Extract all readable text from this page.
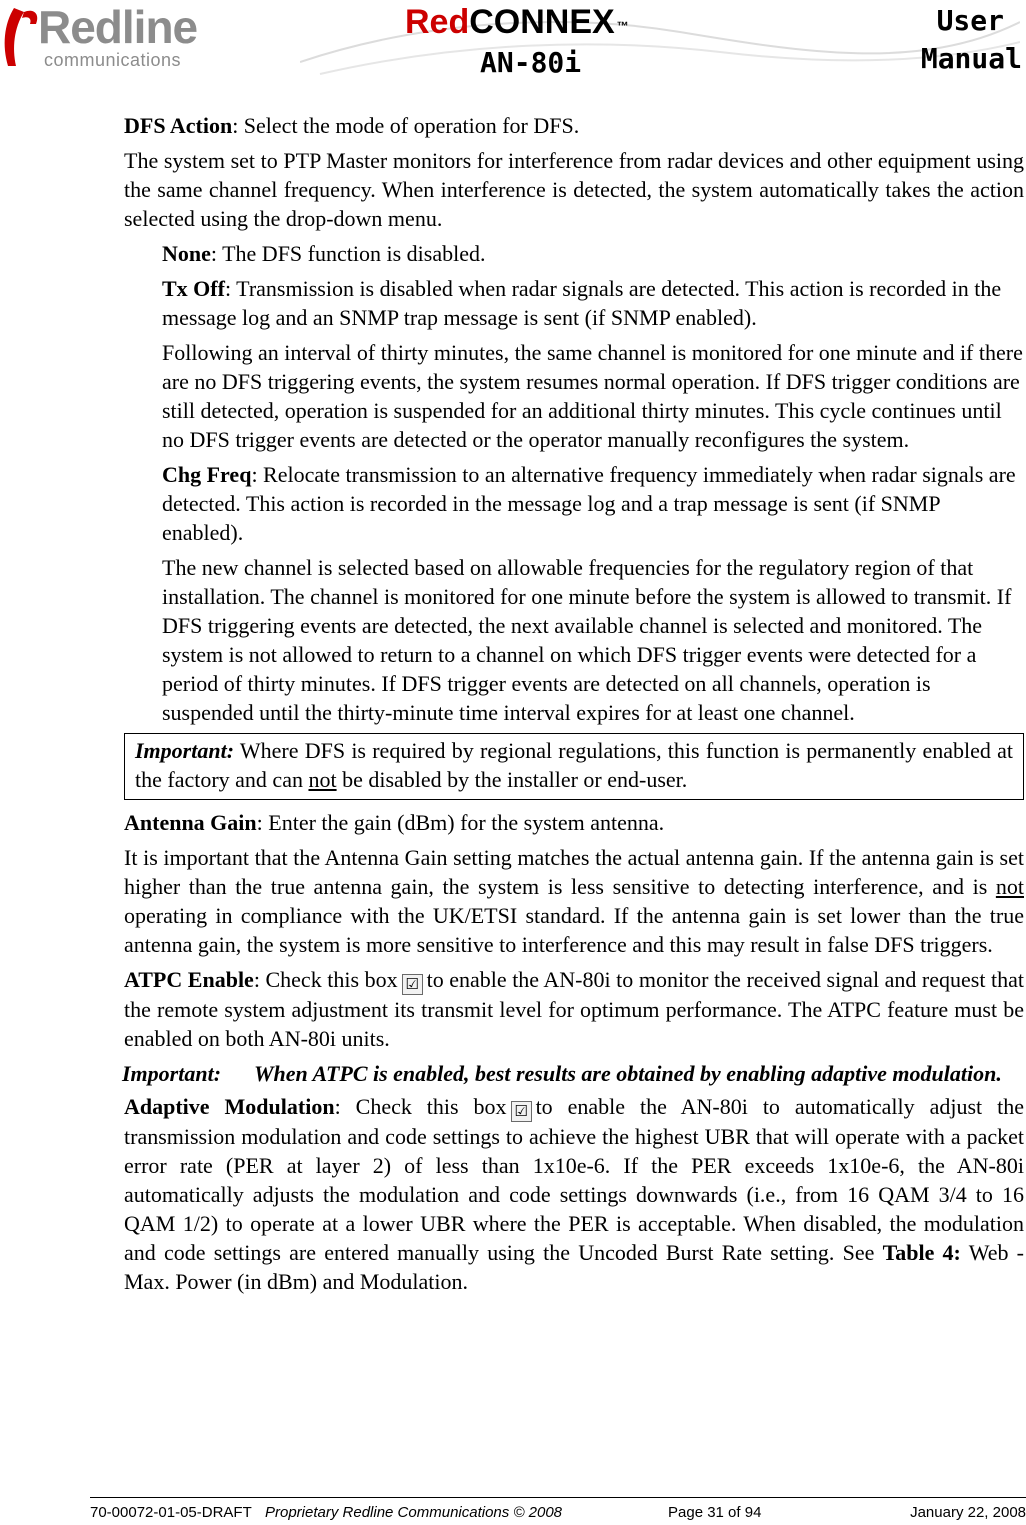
Redline
communications
RedCONNEX ™
AN-80i
User
Manual

DFS Action: Select the mode of operation for DFS.

The system set to PTP Master monitors for interference from radar devices and other equipment using the same channel frequency. When interference is detected, the system automatically takes the action selected using the drop-down menu.

None: The DFS function is disabled.

Tx Off: Transmission is disabled when radar signals are detected. This action is recorded in the message log and an SNMP trap message is sent (if SNMP enabled).

Following an interval of thirty minutes, the same channel is monitored for one minute and if there are no DFS triggering events, the system resumes normal operation. If DFS trigger conditions are still detected, operation is suspended for an additional thirty minutes. This cycle continues until no DFS trigger events are detected or the operator manually reconfigures the system.

Chg Freq: Relocate transmission to an alternative frequency immediately when radar signals are detected. This action is recorded in the message log and a trap message is sent (if SNMP enabled).

The new channel is selected based on allowable frequencies for the regulatory region of that installation. The channel is monitored for one minute before the system is allowed to transmit. If DFS triggering events are detected, the next available channel is selected and monitored. The system is not allowed to return to a channel on which DFS trigger events were detected for a period of thirty minutes. If DFS trigger events are detected on all channels, operation is suspended until the thirty-minute time interval expires for at least one channel.

Important: Where DFS is required by regional regulations, this function is permanently enabled at the factory and can not be disabled by the installer or end-user.

Antenna Gain: Enter the gain (dBm) for the system antenna.

It is important that the Antenna Gain setting matches the actual antenna gain. If the antenna gain is set higher than the true antenna gain, the system is less sensitive to detecting interference, and is not operating in compliance with the UK/ETSI standard. If the antenna gain is set lower than the true antenna gain, the system is more sensitive to interference and this may result in false DFS triggers.

ATPC Enable: Check this box ☑ to enable the AN-80i to monitor the received signal and request that the remote system adjustment its transmit level for optimum performance. The ATPC feature must be enabled on both AN-80i units.

Important:	When ATPC is enabled, best results are obtained by enabling adaptive modulation.

Adaptive Modulation: Check this box ☑ to enable the AN-80i to automatically adjust the transmission modulation and code settings to achieve the highest UBR that will operate with a packet error rate (PER at layer 2) of less than 1x10e-6. If the PER exceeds 1x10e-6, the AN-80i automatically adjusts the modulation and code settings downwards (i.e., from 16 QAM 3/4 to 16 QAM 1/2) to operate at a lower UBR where the PER is acceptable. When disabled, the modulation and code settings are entered manually using the Uncoded Burst Rate setting. See Table 4: Web - Max. Power (in dBm) and Modulation.

70-00072-01-05-DRAFT Proprietary Redline Communications © 2008	Page 31 of 94	January 22, 2008
